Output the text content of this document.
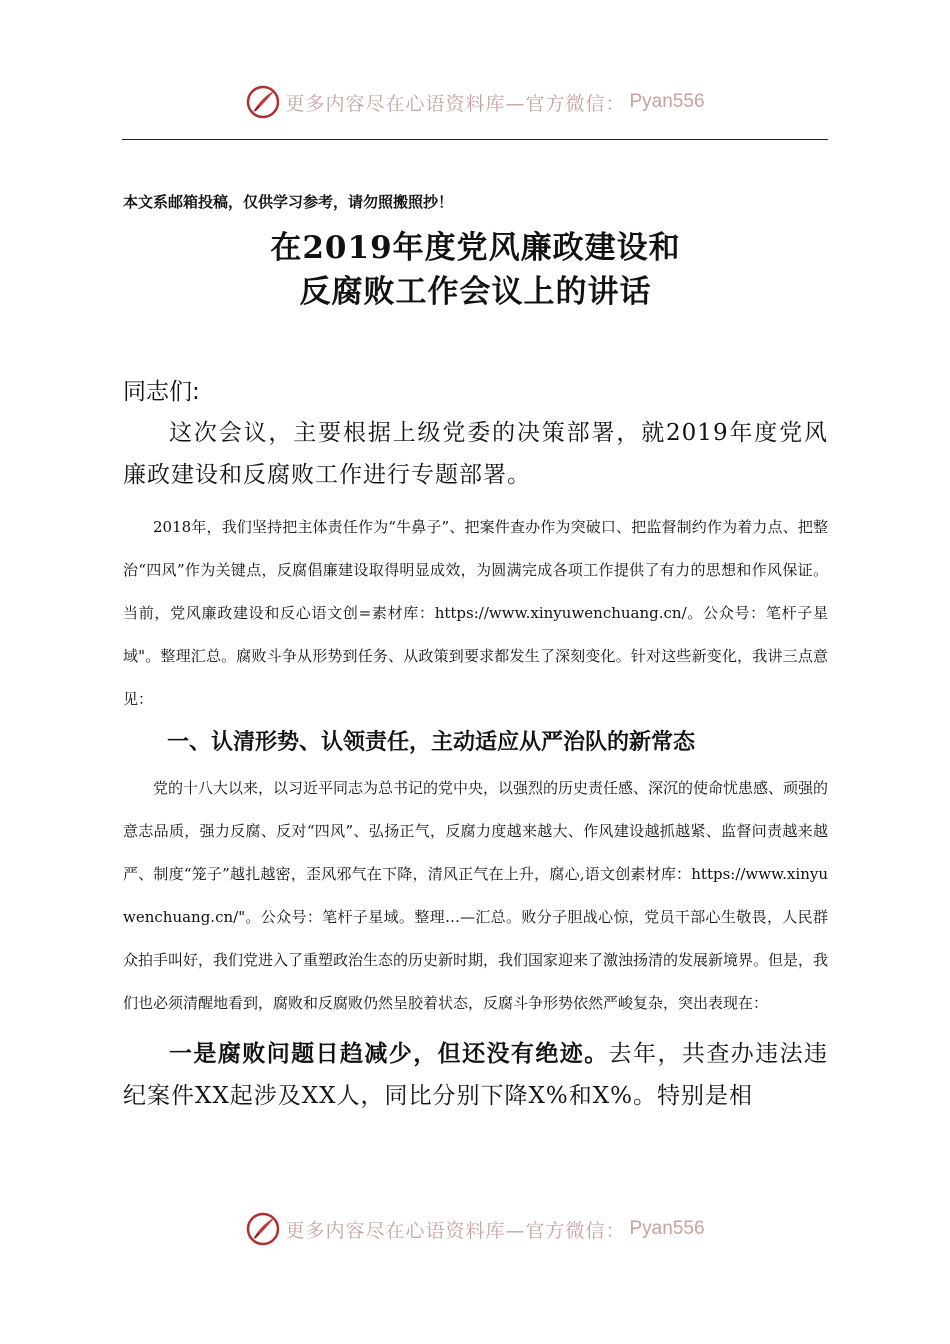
更多内容尽在心语资料库—官方微信： Pyan556

本文系邮箱投稿，仅供学习参考，请勿照搬照抄！

在2019年度党风廉政建设和
反腐败工作会议上的讲话

同志们:

这次会议，主要根据上级党委的决策部署，就2019年度党风廉政建设和反腐败工作进行专题部署。

2018年，我们坚持把主体责任作为“牛鼻子”、把案件查办作为突破口、把监督制约作为着力点、把整治“四风”作为关键点，反腐倡廉建设取得明显成效，为圆满完成各项工作提供了有力的思想和作风保证。当前，党风廉政建设和反心语文创=素材库：https://www.xinyuwenchuang.cn/。公众号：笔杆子星域"。整理汇总。腐败斗争从形势到任务、从政策到要求都发生了深刻变化。针对这些新变化，我讲三点意见：

一、认清形势、认领责任，主动适应从严治队的新常态

党的十八大以来，以习近平同志为总书记的党中央，以强烈的历史责任感、深沉的使命忧患感、顽强的意志品质，强力反腐、反对“四风”、弘扬正气，反腐力度越来越大、作风建设越抓越紧、监督问责越来越严、制度“笼子”越扎越密，歪风邪气在下降，清风正气在上升，腐心,语文创素材库：https://www.xinyuwenchuang.cn/"。公众号：笔杆子星域。整理…—汇总。败分子胆战心惊，党员干部心生敬畏，人民群众拍手叫好，我们党进入了重塑政治生态的历史新时期，我们国家迎来了激浊扬清的发展新境界。但是，我们也必须清醒地看到，腐败和反腐败仍然呈胶着状态，反腐斗争形势依然严峻复杂，突出表现在：

一是腐败问题日趋减少，但还没有绝迹。去年，共查办违法违纪案件XX起涉及XX人，同比分别下降X%和X%。特别是相

更多内容尽在心语资料库—官方微信： Pyan556
